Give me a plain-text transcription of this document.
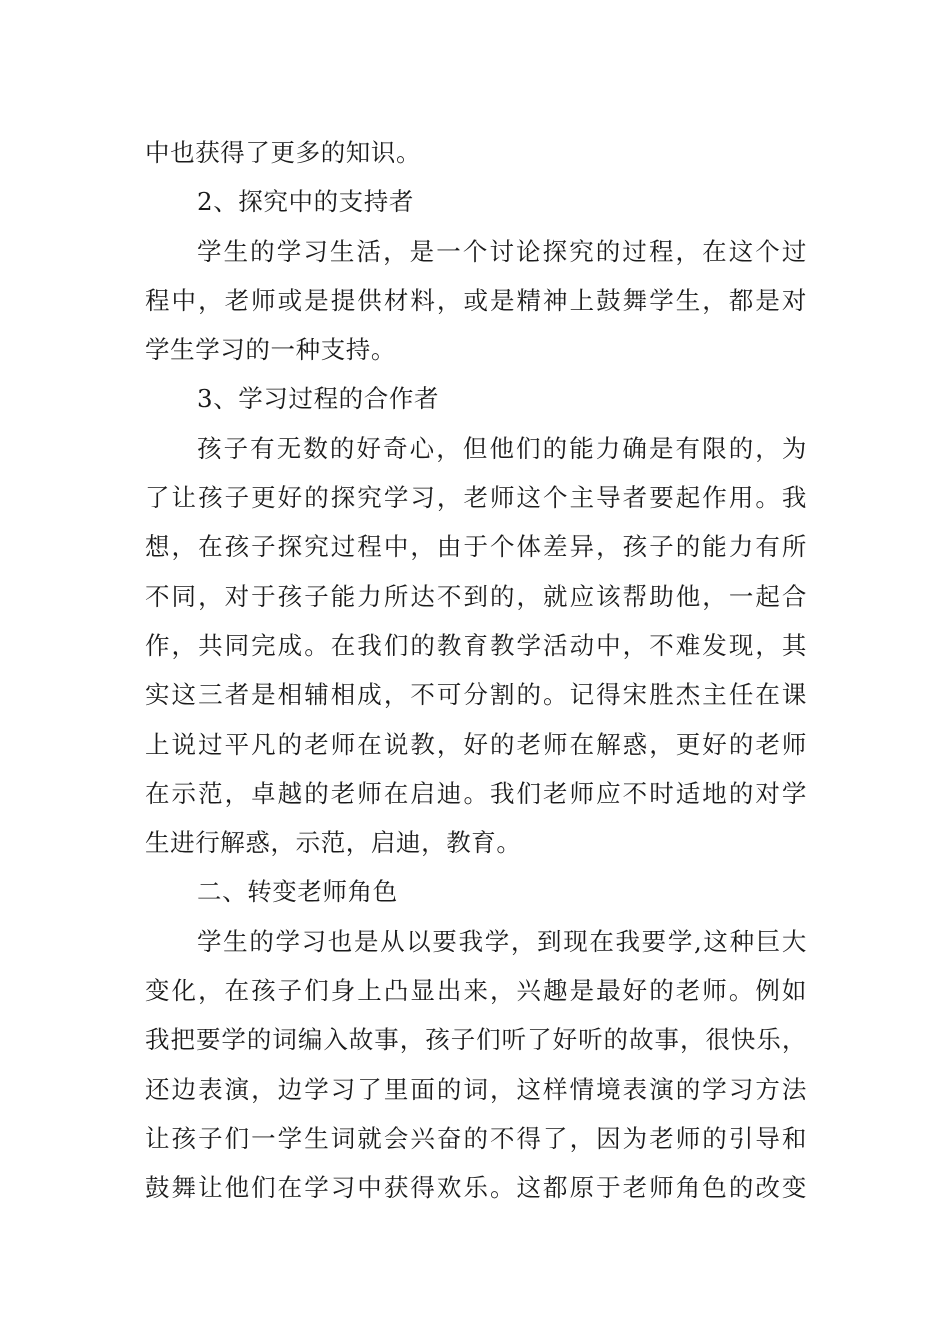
中也获得了更多的知识。
2、探究中的支持者
学生的学习生活，是一个讨论探究的过程，在这个过
程中，老师或是提供材料，或是精神上鼓舞学生，都是对
学生学习的一种支持。
3、学习过程的合作者
孩子有无数的好奇心，但他们的能力确是有限的，为
了让孩子更好的探究学习，老师这个主导者要起作用。我
想，在孩子探究过程中，由于个体差异，孩子的能力有所
不同，对于孩子能力所达不到的，就应该帮助他，一起合
作，共同完成。在我们的教育教学活动中，不难发现，其
实这三者是相辅相成，不可分割的。记得宋胜杰主任在课
上说过平凡的老师在说教，好的老师在解惑，更好的老师
在示范，卓越的老师在启迪。我们老师应不时适地的对学
生进行解惑，示范，启迪，教育。
二、转变老师角色
学生的学习也是从以要我学，到现在我要学,这种巨大
变化，在孩子们身上凸显出来，兴趣是最好的老师。例如
我把要学的词编入故事，孩子们听了好听的故事，很快乐，
还边表演，边学习了里面的词，这样情境表演的学习方法
让孩子们一学生词就会兴奋的不得了，因为老师的引导和
鼓舞让他们在学习中获得欢乐。这都原于老师角色的改变
